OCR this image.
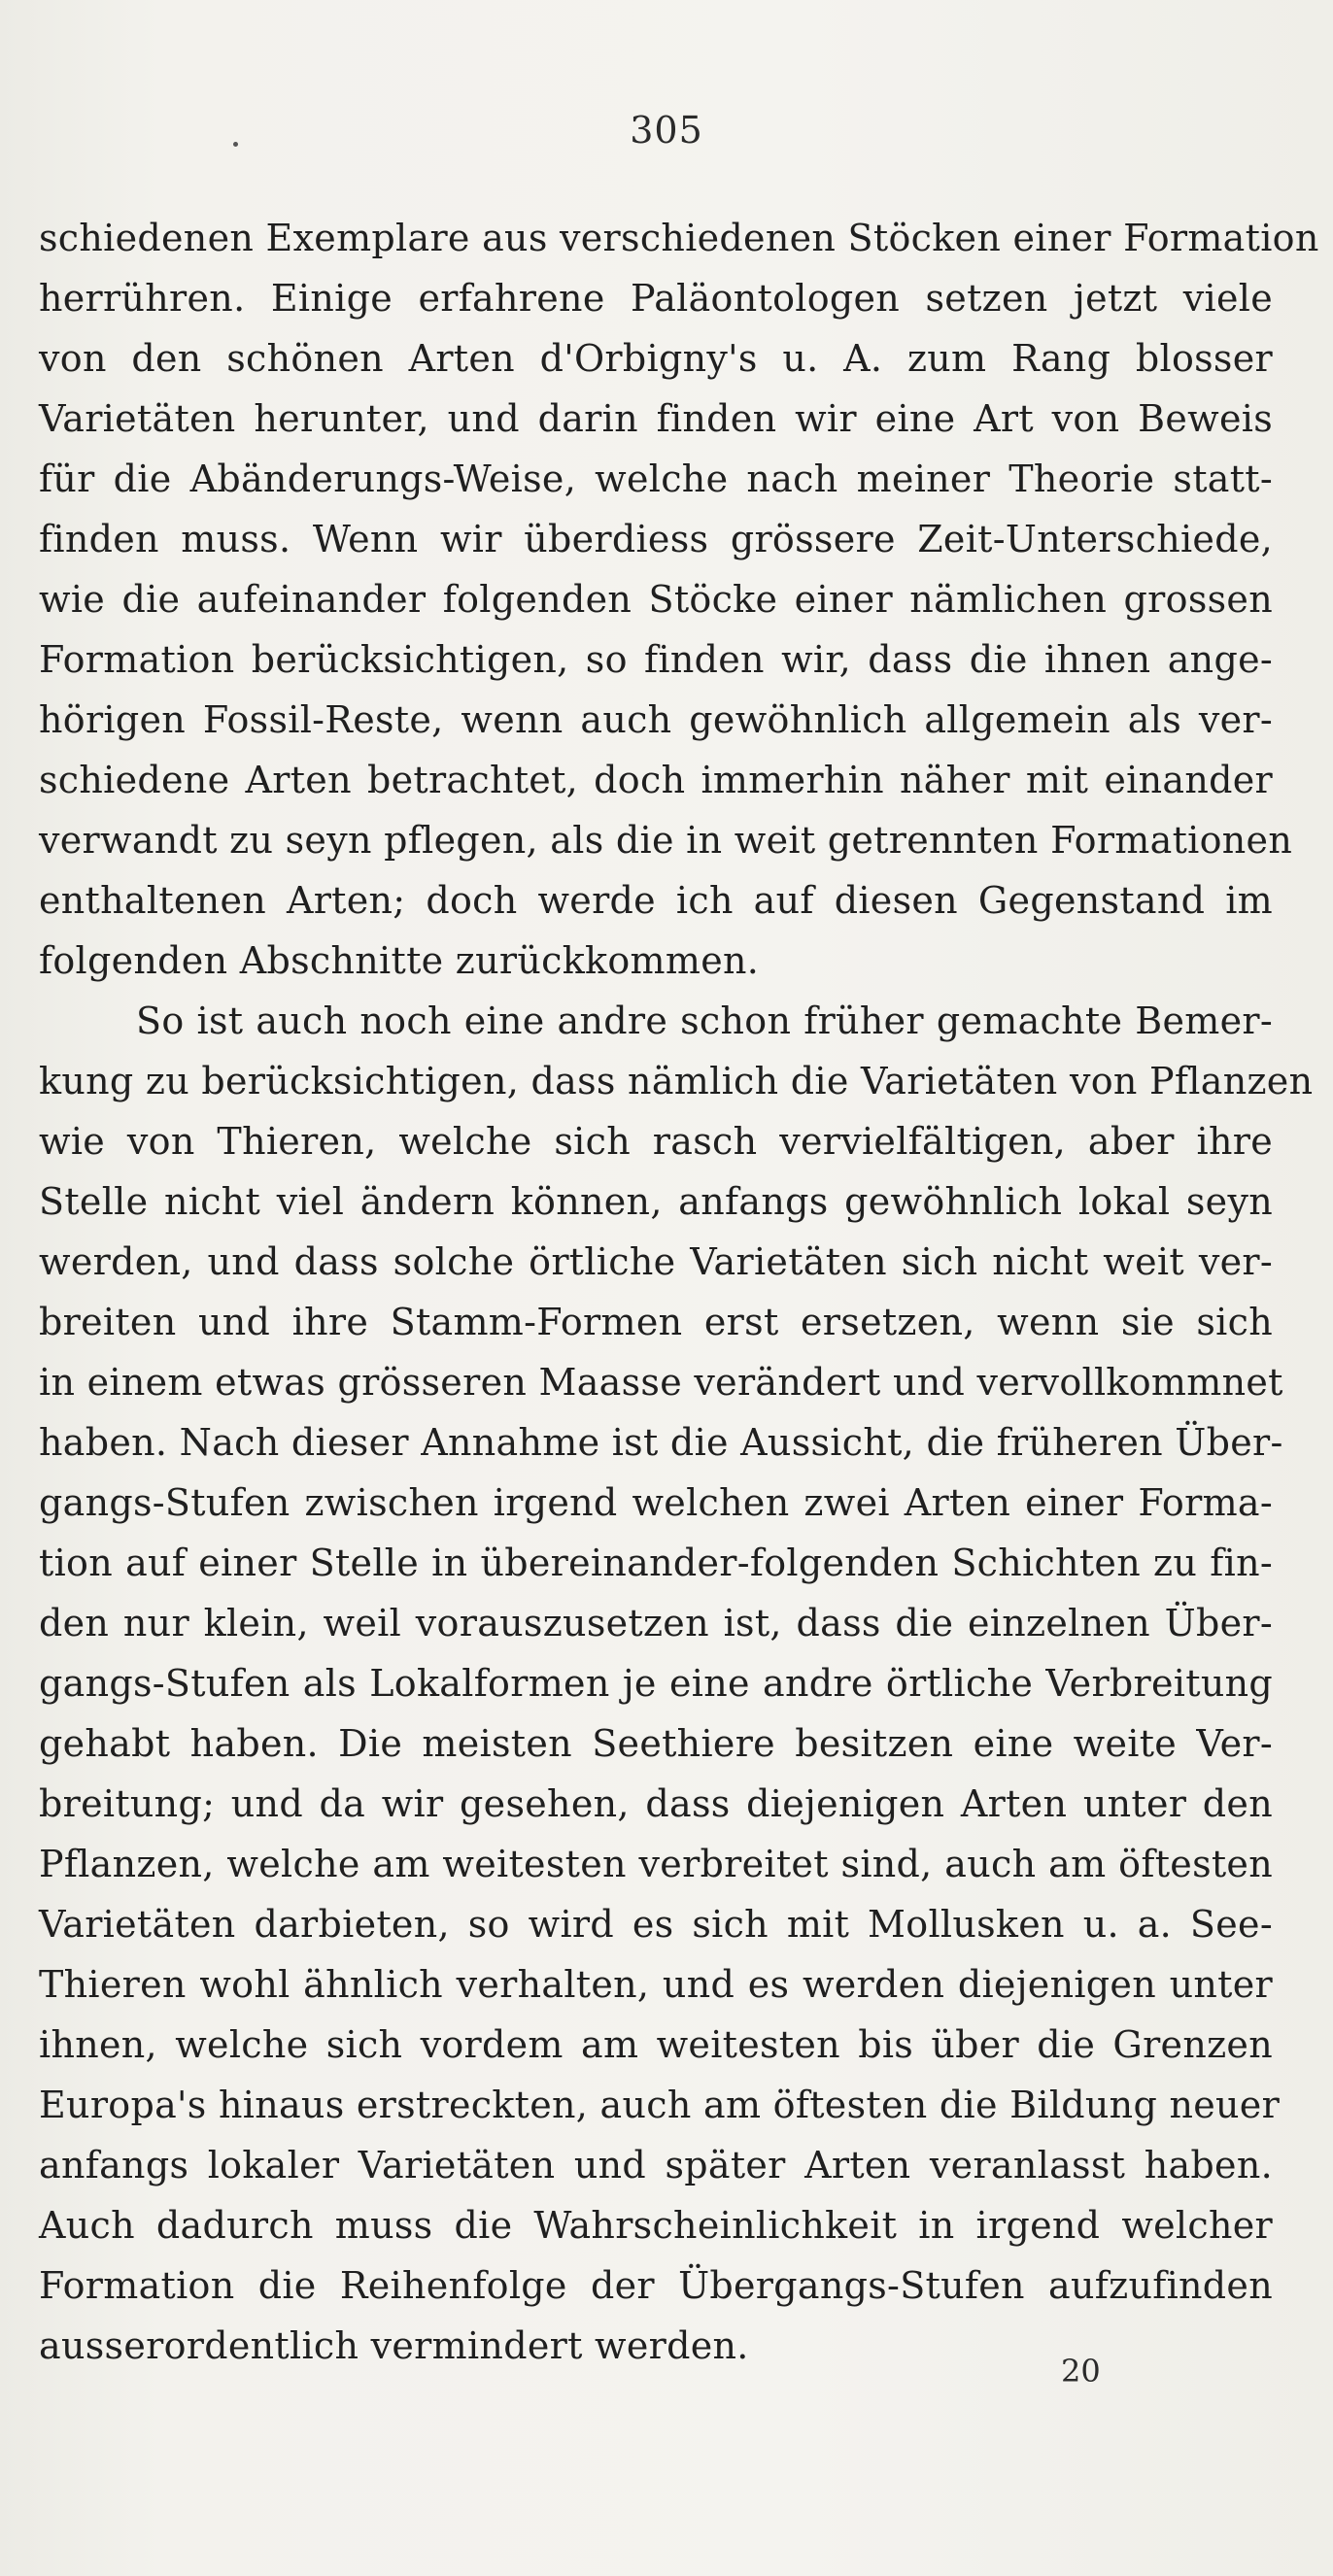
305
schiedenen Exemplare aus verschiedenen Stöcken einer Formation
herrühren. Einige erfahrene Paläontologen setzen jetzt viele
von den schönen Arten d'Orbigny's u. A. zum Rang blosser
Varietäten herunter, und darin finden wir eine Art von Beweis
für die Abänderungs-Weise, welche nach meiner Theorie statt-
finden muss. Wenn wir überdiess grössere Zeit-Unterschiede,
wie die aufeinander folgenden Stöcke einer nämlichen grossen
Formation berücksichtigen, so finden wir, dass die ihnen ange-
hörigen Fossil-Reste, wenn auch gewöhnlich allgemein als ver-
schiedene Arten betrachtet, doch immerhin näher mit einander
verwandt zu seyn pflegen, als die in weit getrennten Formationen
enthaltenen Arten; doch werde ich auf diesen Gegenstand im
folgenden Abschnitte zurückkommen.
So ist auch noch eine andre schon früher gemachte Bemer-
kung zu berücksichtigen, dass nämlich die Varietäten von Pflanzen
wie von Thieren, welche sich rasch vervielfältigen, aber ihre
Stelle nicht viel ändern können, anfangs gewöhnlich lokal seyn
werden, und dass solche örtliche Varietäten sich nicht weit ver-
breiten und ihre Stamm-Formen erst ersetzen, wenn sie sich
in einem etwas grösseren Maasse verändert und vervollkommnet
haben. Nach dieser Annahme ist die Aussicht, die früheren Über-
gangs-Stufen zwischen irgend welchen zwei Arten einer Forma-
tion auf einer Stelle in übereinander-folgenden Schichten zu fin-
den nur klein, weil vorauszusetzen ist, dass die einzelnen Über-
gangs-Stufen als Lokalformen je eine andre örtliche Verbreitung
gehabt haben. Die meisten Seethiere besitzen eine weite Ver-
breitung; und da wir gesehen, dass diejenigen Arten unter den
Pflanzen, welche am weitesten verbreitet sind, auch am öftesten
Varietäten darbieten, so wird es sich mit Mollusken u. a. See-
Thieren wohl ähnlich verhalten, und es werden diejenigen unter
ihnen, welche sich vordem am weitesten bis über die Grenzen
Europa's hinaus erstreckten, auch am öftesten die Bildung neuer
anfangs lokaler Varietäten und später Arten veranlasst haben.
Auch dadurch muss die Wahrscheinlichkeit in irgend welcher
Formation die Reihenfolge der Übergangs-Stufen aufzufinden
ausserordentlich vermindert werden.
20
